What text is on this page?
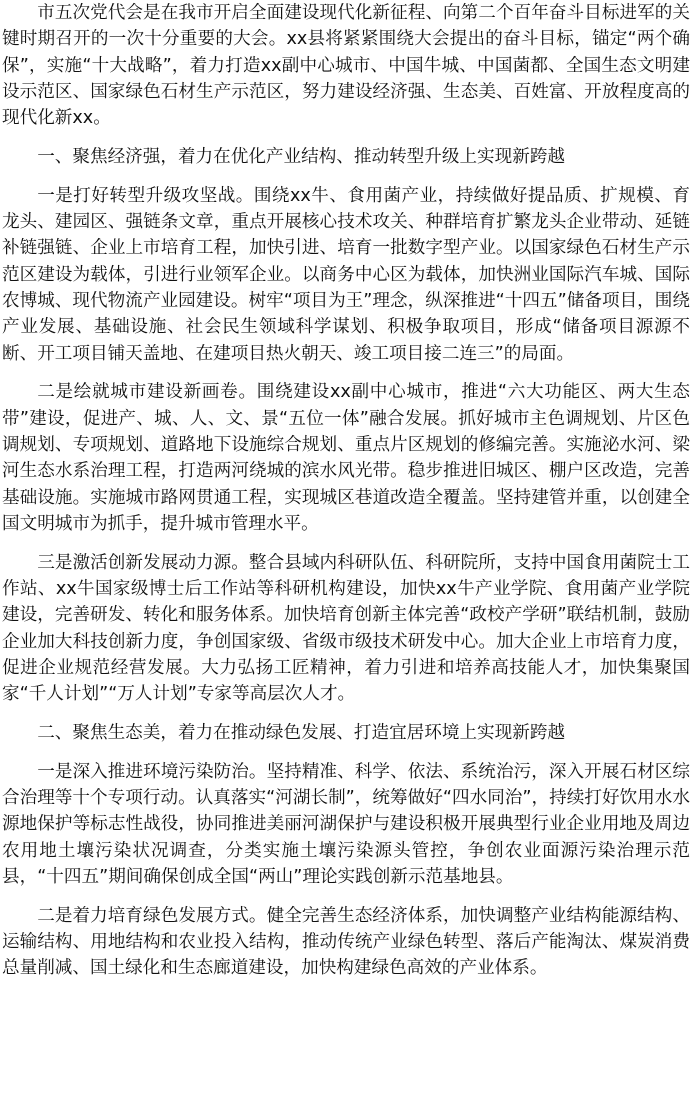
市五次党代会是在我市开启全面建设现代化新征程、向第二个百年奋斗目标进军的关键时期召开的一次十分重要的大会。xx县将紧紧围绕大会提出的奋斗目标，锚定“两个确保”，实施“十大战略”，着力打造xx副中心城市、中国牛城、中国菌都、全国生态文明建设示范区、国家绿色石材生产示范区，努力建设经济强、生态美、百姓富、开放程度高的现代化新xx。

一、聚焦经济强，着力在优化产业结构、推动转型升级上实现新跨越

一是打好转型升级攻坚战。围绕xx牛、食用菌产业，持续做好提品质、扩规模、育龙头、建园区、强链条文章，重点开展核心技术攻关、种群培育扩繁龙头企业带动、延链补链强链、企业上市培育工程，加快引进、培育一批数字型产业。以国家绿色石材生产示范区建设为载体，引进行业领军企业。以商务中心区为载体，加快洲业国际汽车城、国际农博城、现代物流产业园建设。树牢“项目为王”理念，纵深推进“十四五”储备项目，围绕产业发展、基础设施、社会民生领域科学谋划、积极争取项目，形成“储备项目源源不断、开工项目铺天盖地、在建项目热火朝天、竣工项目接二连三”的局面。

二是绘就城市建设新画卷。围绕建设xx副中心城市，推进“六大功能区、两大生态带”建设，促进产、城、人、文、景“五位一体”融合发展。抓好城市主色调规划、片区色调规划、专项规划、道路地下设施综合规划、重点片区规划的修编完善。实施泌水河、梁河生态水系治理工程，打造两河绕城的滨水风光带。稳步推进旧城区、棚户区改造，完善基础设施。实施城市路网贯通工程，实现城区巷道改造全覆盖。坚持建管并重，以创建全国文明城市为抓手，提升城市管理水平。

三是激活创新发展动力源。整合县域内科研队伍、科研院所，支持中国食用菌院士工作站、xx牛国家级博士后工作站等科研机构建设，加快xx牛产业学院、食用菌产业学院建设，完善研发、转化和服务体系。加快培育创新主体完善“政校产学研”联结机制，鼓励企业加大科技创新力度，争创国家级、省级市级技术研发中心。加大企业上市培育力度，促进企业规范经营发展。大力弘扬工匠精神，着力引进和培养高技能人才，加快集聚国家“千人计划”“万人计划”专家等高层次人才。

二、聚焦生态美，着力在推动绿色发展、打造宜居环境上实现新跨越

一是深入推进环境污染防治。坚持精准、科学、依法、系统治污，深入开展石材区综合治理等十个专项行动。认真落实“河湖长制”，统筹做好“四水同治”，持续打好饮用水水源地保护等标志性战役，协同推进美丽河湖保护与建设积极开展典型行业企业用地及周边农用地土壤污染状况调查，分类实施土壤污染源头管控，争创农业面源污染治理示范县，“十四五”期间确保创成全国“两山”理论实践创新示范基地县。

二是着力培育绿色发展方式。健全完善生态经济体系，加快调整产业结构能源结构、运输结构、用地结构和农业投入结构，推动传统产业绿色转型、落后产能淘汰、煤炭消费总量削减、国土绿化和生态廊道建设，加快构建绿色高效的产业体系。
